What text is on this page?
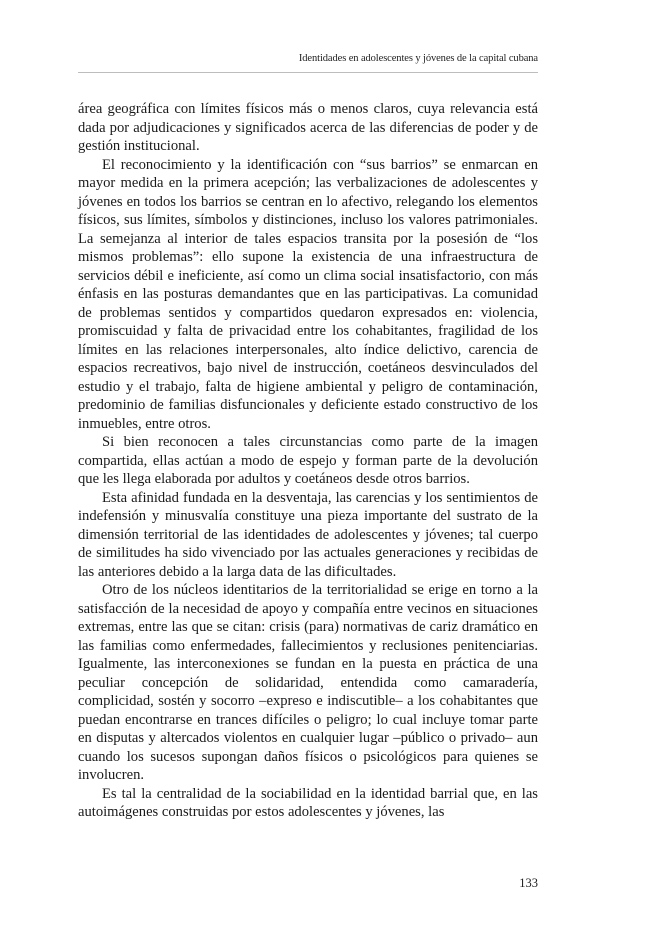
Identidades en adolescentes y jóvenes de la capital cubana

área geográfica con límites físicos más o menos claros, cuya relevancia está dada por adjudicaciones y significados acerca de las diferencias de poder y de gestión institucional.

El reconocimiento y la identificación con “sus barrios” se enmarcan en mayor medida en la primera acepción; las verbalizaciones de adolescentes y jóvenes en todos los barrios se centran en lo afectivo, relegando los elementos físicos, sus límites, símbolos y distinciones, incluso los valores patrimoniales. La semejanza al interior de tales espacios transita por la posesión de “los mismos problemas”: ello supone la existencia de una infraestructura de servicios débil e ineficiente, así como un clima social insatisfactorio, con más énfasis en las posturas demandantes que en las participativas. La comunidad de problemas sentidos y compartidos quedaron expresados en: violencia, promiscuidad y falta de privacidad entre los cohabitantes, fragilidad de los límites en las relaciones interpersonales, alto índice delictivo, carencia de espacios recreativos, bajo nivel de instrucción, coetáneos desvinculados del estudio y el trabajo, falta de higiene ambiental y peligro de contaminación, predominio de familias disfuncionales y deficiente estado constructivo de los inmuebles, entre otros.

Si bien reconocen a tales circunstancias como parte de la imagen compartida, ellas actúan a modo de espejo y forman parte de la devolución que les llega elaborada por adultos y coetáneos desde otros barrios.

Esta afinidad fundada en la desventaja, las carencias y los sentimientos de indefensión y minusvalía constituye una pieza importante del sustrato de la dimensión territorial de las identidades de adolescentes y jóvenes; tal cuerpo de similitudes ha sido vivenciado por las actuales generaciones y recibidas de las anteriores debido a la larga data de las dificultades.

Otro de los núcleos identitarios de la territorialidad se erige en torno a la satisfacción de la necesidad de apoyo y compañía entre vecinos en situaciones extremas, entre las que se citan: crisis (para) normativas de cariz dramático en las familias como enfermedades, fallecimientos y reclusiones penitenciarias. Igualmente, las interconexiones se fundan en la puesta en práctica de una peculiar concepción de solidaridad, entendida como camaradería, complicidad, sostén y socorro –expreso e indiscutible– a los cohabitantes que puedan encontrarse en trances difíciles o peligro; lo cual incluye tomar parte en disputas y altercados violentos en cualquier lugar –público o privado– aun cuando los sucesos supongan daños físicos o psicológicos para quienes se involucren.

Es tal la centralidad de la sociabilidad en la identidad barrial que, en las autoimágenes construidas por estos adolescentes y jóvenes, las

133
